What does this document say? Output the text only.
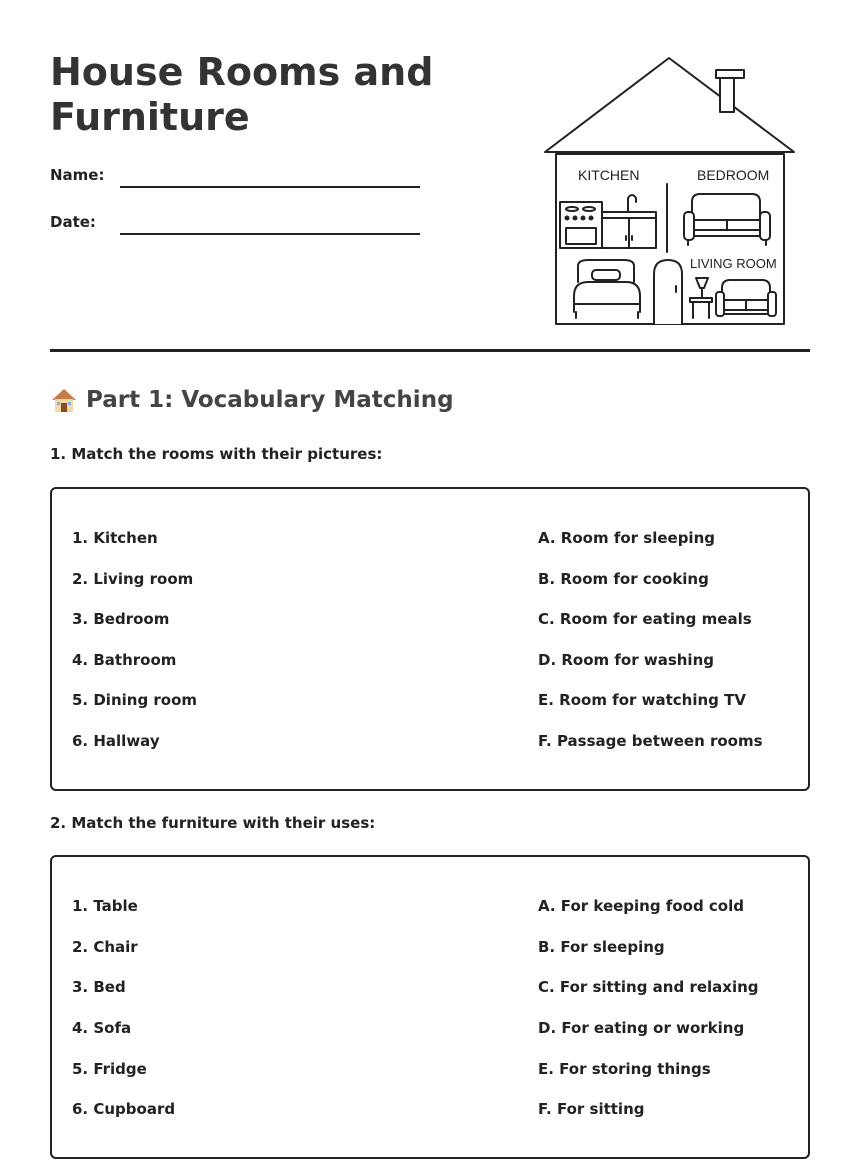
House Rooms and Furniture
Name:
Date:
KITCHEN	BEDROOM
LIVING ROOM
Part 1: Vocabulary Matching

1. Match the rooms with their pictures:

1. Kitchen
2. Living room
3. Bedroom
4. Bathroom
5. Dining room
6. Hallway
A. Room for sleeping
B. Room for cooking
C. Room for eating meals
D. Room for washing
E. Room for watching TV
F. Passage between rooms

2. Match the furniture with their uses:

1. Table
2. Chair
3. Bed
4. Sofa
5. Fridge
6. Cupboard
A. For keeping food cold
B. For sleeping
C. For sitting and relaxing
D. For eating or working
E. For storing things
F. For sitting
